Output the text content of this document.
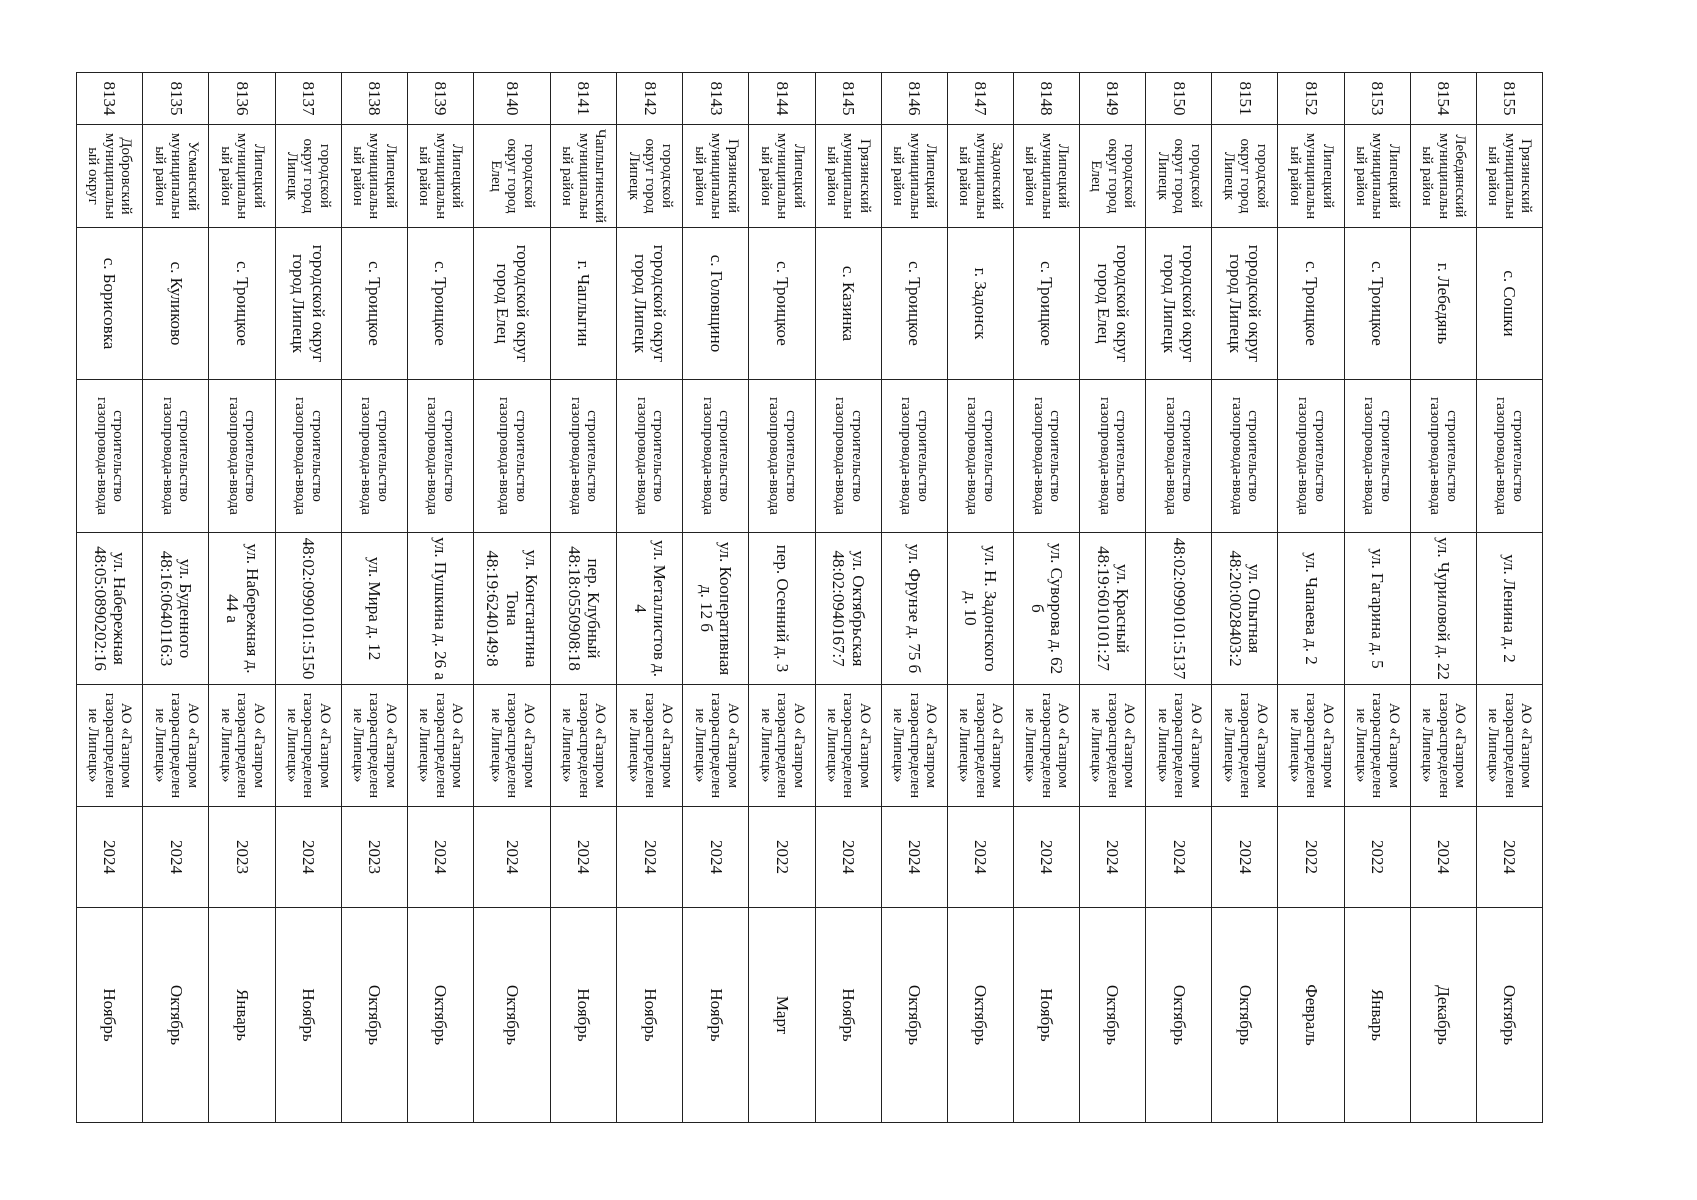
8155	Грязинский муниципальный район	с. Сошки	строительство газопровода-ввода	ул. Ленина д. 2	АО «Газпром газораспределение Липецк»	2024	Октябрь
8154	Лебедянский муниципальный район	г. Лебедянь	строительство газопровода-ввода	ул. Чуриловой д. 22	АО «Газпром газораспределение Липецк»	2024	Декабрь
8153	Липецкий муниципальный район	с. Троицкое	строительство газопровода-ввода	ул. Гагарина д. 5	АО «Газпром газораспределение Липецк»	2022	Январь
8152	Липецкий муниципальный район	с. Троицкое	строительство газопровода-ввода	ул. Чапаева д. 2	АО «Газпром газораспределение Липецк»	2022	Февраль
8151	городской округ город Липецк	городской округ город Липецк	строительство газопровода-ввода	ул. Опытная 48:20:0028403:2	АО «Газпром газораспределение Липецк»	2024	Октябрь
8150	городской округ город Липецк	городской округ город Липецк	строительство газопровода-ввода	48:02:0990101:5137	АО «Газпром газораспределение Липецк»	2024	Октябрь
8149	городской округ город Елец	городской округ город Елец	строительство газопровода-ввода	ул. Красный 48:19:6010101:27	АО «Газпром газораспределение Липецк»	2024	Октябрь
8148	Липецкий муниципальный район	с. Троицкое	строительство газопровода-ввода	ул. Суворова д. 62 б	АО «Газпром газораспределение Липецк»	2024	Ноябрь
8147	Задонский муниципальный район	г. Задонск	строительство газопровода-ввода	ул. Н. Задонского д. 10	АО «Газпром газораспределение Липецк»	2024	Октябрь
8146	Липецкий муниципальный район	с. Троицкое	строительство газопровода-ввода	ул. Фрунзе д. 75 б	АО «Газпром газораспределение Липецк»	2024	Октябрь
8145	Грязинский муниципальный район	с. Казинка	строительство газопровода-ввода	ул. Октябрьская 48:02:0940167:7	АО «Газпром газораспределение Липецк»	2024	Ноябрь
8144	Липецкий муниципальный район	с. Троицкое	строительство газопровода-ввода	пер. Осенний д. 3	АО «Газпром газораспределение Липецк»	2022	Март
8143	Грязинский муниципальный район	с. Головщино	строительство газопровода-ввода	ул. Кооперативная д. 12 б	АО «Газпром газораспределение Липецк»	2024	Ноябрь
8142	городской округ город Липецк	городской округ город Липецк	строительство газопровода-ввода	ул. Металлистов д. 4	АО «Газпром газораспределение Липецк»	2024	Ноябрь
8141	Чаплыгинский муниципальный район	г. Чаплыгин	строительство газопровода-ввода	пер. Клубный 48:18:0550908:18	АО «Газпром газораспределение Липецк»	2024	Ноябрь
8140	городской округ город Елец	городской округ город Елец	строительство газопровода-ввода	ул. Константина Тона 48:19:6240149:8	АО «Газпром газораспределение Липецк»	2024	Октябрь
8139	Липецкий муниципальный район	с. Троицкое	строительство газопровода-ввода	ул. Пушкина д. 26 а	АО «Газпром газораспределение Липецк»	2024	Октябрь
8138	Липецкий муниципальный район	с. Троицкое	строительство газопровода-ввода	ул. Мира д. 12	АО «Газпром газораспределение Липецк»	2023	Октябрь
8137	городской округ город Липецк	городской округ город Липецк	строительство газопровода-ввода	48:02:0990101:5150	АО «Газпром газораспределение Липецк»	2024	Ноябрь
8136	Липецкий муниципальный район	с. Троицкое	строительство газопровода-ввода	ул. Набережная д. 44 а	АО «Газпром газораспределение Липецк»	2023	Январь
8135	Усманский муниципальный район	с. Куликово	строительство газопровода-ввода	ул. Буденного 48:16:0640116:3	АО «Газпром газораспределение Липецк»	2024	Октябрь
8134	Добровский муниципальный округ	с. Борисовка	строительство газопровода-ввода	ул. Набережная 48:05:0890202:16	АО «Газпром газораспределение Липецк»	2024	Ноябрь
